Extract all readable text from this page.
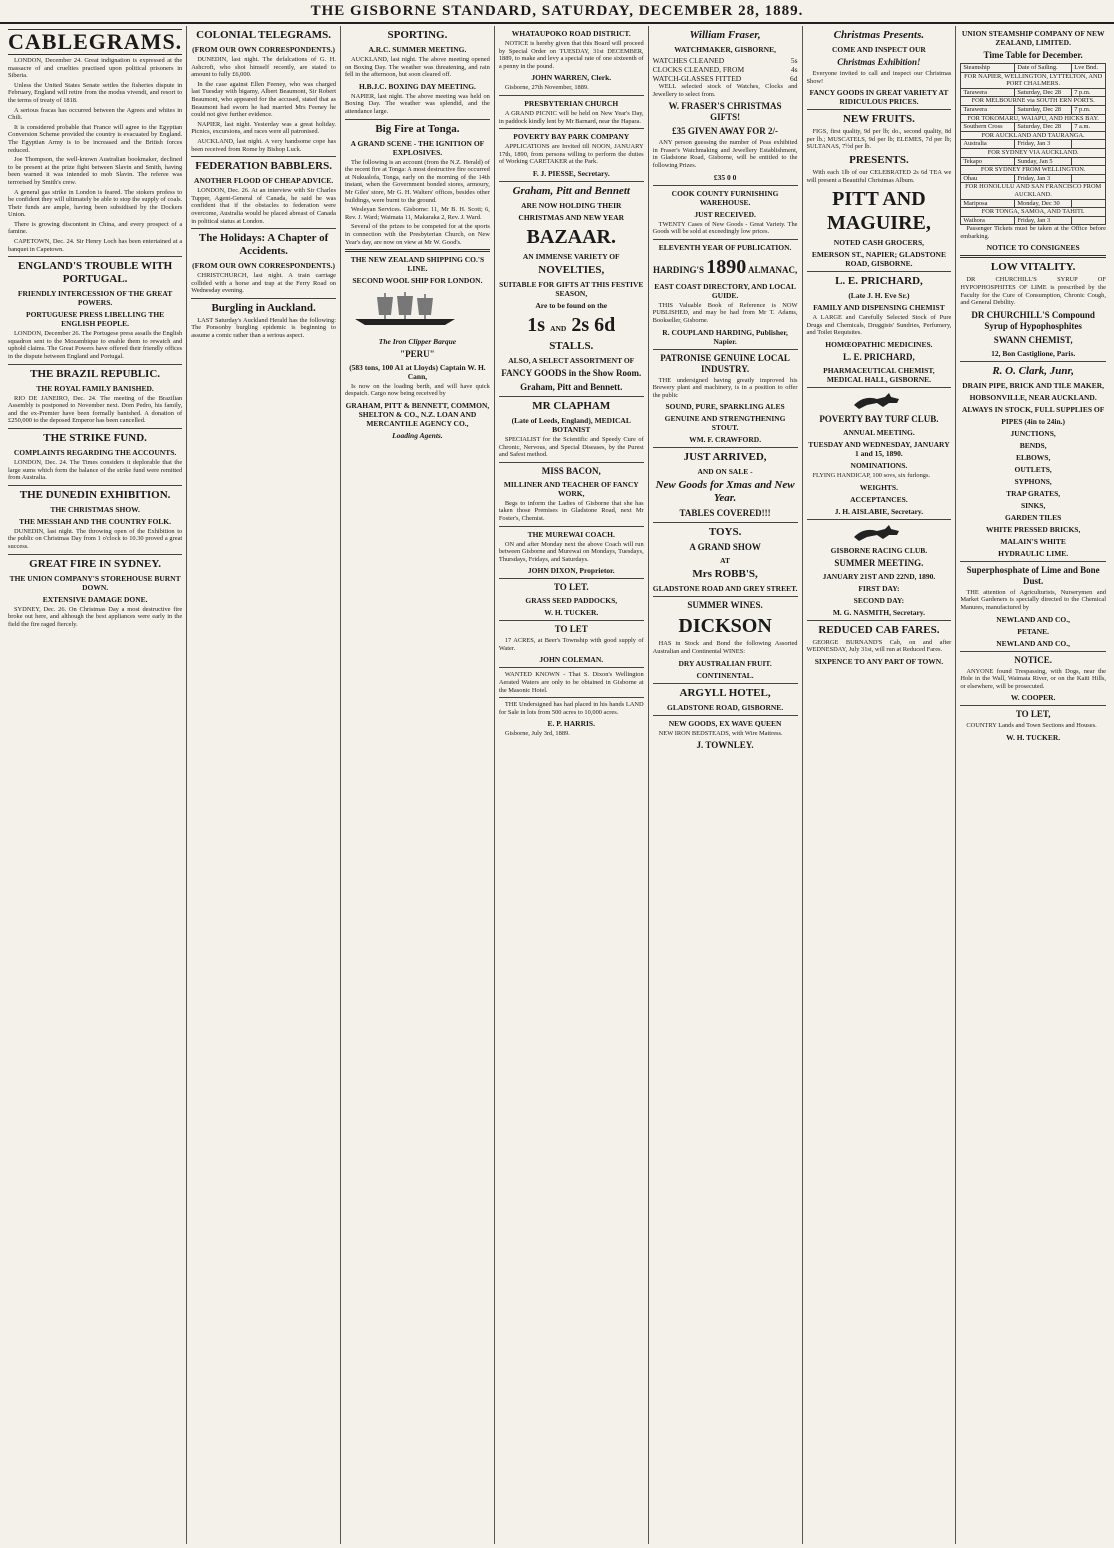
THE GISBORNE STANDARD, SATURDAY, DECEMBER 28, 1889.
CABLEGRAMS.

LONDON, December 24. Great indignation is expressed at the massacre of and cruelties practised upon political prisoners in Siberia.

Unless the United States Senate settles the fisheries dispute in February, England will retire from the modus vivendi, and resort to the terms of treaty of 1818.

A serious fracas has occurred between the Agrees and whites in Chili.

It is considered probable that France will agree to the Egyptian Conversion Scheme provided the country is evacuated by England. The Egyptian Army is to be increased and the British forces reduced.

Joe Thompson, the well-known Australian bookmaker, declined to be present at the prize fight between Slavin and Smith, having been warned it was intended to mob Slavin. The referee was terrorised by Smith's crew.

A general gas strike in London is feared. The stokers profess to be confident they will ultimately be able to stop the supply of coals. Their funds are ample, having been subsidised by the Dockers Union.

There is growing discontent in China, and every prospect of a famine.

CAPETOWN, Dec. 24. Sir Henry Loch has been entertained at a banquet in Capetown.

ENGLAND'S TROUBLE WITH PORTUGAL.
FRIENDLY INTERCESSION OF THE GREAT POWERS.
PORTUGUESE PRESS LIBELLING THE ENGLISH PEOPLE.

LONDON, December 26. The Portugese press assails the English squadron sent to the Mozambique to enable them to rewatch and uphold claims. The Great Powers have offered their friendly offices in the dispute between England and Portugal.

THE BRAZIL REPUBLIC.
THE ROYAL FAMILY BANISHED.

RIO DE JANEIRO, Dec. 24. The meeting of the Brazilian Assembly is postponed to November next. Dom Pedro, his family, and the ex-Premier have been formally banished. A donation of £250,000 to the deposed Emperor has been cancelled.

THE STRIKE FUND.
COMPLAINTS REGARDING THE ACCOUNTS.

LONDON, Dec. 24. The Times considers it deplorable that the large sums which form the balance of the strike fund were remitted from Australia.

THE DUNEDIN EXHIBITION.
THE CHRISTMAS SHOW.
THE MESSIAH AND THE COUNTRY FOLK.

DUNEDIN, last night. The throwing open of the Exhibition to the public on Christmas Day from 1 o'clock to 10.30 proved a great success.

GREAT FIRE IN SYDNEY.
THE UNION COMPANY'S STOREHOUSE BURNT DOWN.
EXTENSIVE DAMAGE DONE.

SYDNEY, Dec. 26. On Christmas Day a most destructive fire broke out here, and although the best appliances were early in the field the fire raged fiercely.

COLONIAL TELEGRAMS.
(FROM OUR OWN CORRESPONDENTS.)

DUNEDIN, last night. The defalcations of G. H. Ashcroft, who shot himself recently, are stated to amount to fully £6,000.

In the case against Ellen Feeney, who was charged last Tuesday with bigamy, Albert Beaumont, Sir Robert Beaumont, who appeared for the accused, stated that as Beaumont had sworn he had married Mrs Feeney he could not give further evidence.

NAPIER, last night. Yesterday was a great holiday. Picnics, excursions, and races were all patronised.

AUCKLAND, last night. A very handsome cope has been received from Rome by Bishop Luck.

FEDERATION BABBLERS.
ANOTHER FLOOD OF CHEAP ADVICE.

LONDON, Dec. 26. At an interview with Sir Charles Tupper, Agent-General of Canada, he said he was confident that if the obstacles to federation were overcome, Australia would be placed abreast of Canada in political status at London.

The Holidays: A Chapter of Accidents.
(FROM OUR OWN CORRESPONDENTS.)

CHRISTCHURCH, last night. A train carriage collided with a horse and trap at the Ferry Road on Wednesday evening.

Burgling in Auckland.

LAST Saturday's Auckland Herald has the following: The Ponsonby burgling epidemic is beginning to assume a comic rather than a serious aspect.

SPORTING.
A.R.C. SUMMER MEETING.

AUCKLAND, last night. The above meeting opened on Boxing Day. The weather was threatening, and rain fell in the afternoon, but soon cleared off.

H.B.J.C. BOXING DAY MEETING.

NAPIER, last night. The above meeting was held on Boxing Day. The weather was splendid, and the attendance large.

Big Fire at Tonga.
A GRAND SCENE - THE IGNITION OF EXPLOSIVES.

The following is an account (from the N.Z. Herald) of the recent fire at Tonga: A most destructive fire occurred at Nukualofa, Tonga, early on the morning of the 14th instant, when the Government bonded stores, armoury, Mr Giles' store, Mr G. H. Walters' offices, besides other buildings, were burnt to the ground.

Wesleyan Services. Gisborne: 11, Mr B. H. Scott; 6, Rev. J. Ward; Waimata 11, Makaraka 2, Rev. J. Ward.

Several of the prizes to be competed for at the sports in connection with the Presbyterian Church, on New Year's day, are now on view at Mr W. Good's.

THE NEW ZEALAND SHIPPING CO.'S LINE.
SECOND WOOL SHIP FOR LONDON.
The Iron Clipper Barque
"PERU"
(583 tons, 100 A1 at Lloyds) Captain W. H. Cann,

Is now on the loading berth, and will have quick despatch. Cargo now being received by

GRAHAM, PITT & BENNETT, COMMON, SHELTON & CO., N.Z. LOAN AND MERCANTILE AGENCY CO.,
Loading Agents.
WHATAUPOKO ROAD DISTRICT.

NOTICE is hereby given that this Board will proceed by Special Order on TUESDAY, 31st DECEMBER, 1889, to make and levy a special rate of one sixteenth of a penny in the pound.

JOHN WARREN, Clerk.

Gisborne, 27th November, 1889.

PRESBYTERIAN CHURCH

A GRAND PICNIC will be held on New Year's Day, in paddock kindly lent by Mr Barnard, near the Hapara.

POVERTY BAY PARK COMPANY

APPLICATIONS are Invited till NOON, JANUARY 17th, 1890, from persons willing to perform the duties of Working CARETAKER at the Park.

F. J. PIESSE, Secretary.
Graham, Pitt and Bennett
ARE NOW HOLDING THEIR
CHRISTMAS AND NEW YEAR
BAZAAR.
AN IMMENSE VARIETY OF
NOVELTIES,
SUITABLE FOR GIFTS AT THIS FESTIVE SEASON,
Are to be found on the
1s AND 2s 6d
STALLS.
ALSO, A SELECT ASSORTMENT OF
FANCY GOODS in the Show Room.
Graham, Pitt and Bennett.
MR CLAPHAM
(Late of Leeds, England), MEDICAL BOTANIST

SPECIALIST for the Scientific and Speedy Cure of Chronic, Nervous, and Special Diseases, by the Purest and Safest method.

MISS BACON,
MILLINER AND TEACHER OF FANCY WORK,

Begs to inform the Ladies of Gisborne that she has taken those Premises in Gladstone Road, next Mr Foster's, Chemist.

THE MUREWAI COACH.

ON and after Monday next the above Coach will run between Gisborne and Murewai on Mondays, Tuesdays, Thursdays, Fridays, and Saturdays.

JOHN DIXON, Proprietor.
TO LET.
GRASS SEED PADDOCKS,
W. H. TUCKER.
TO LET

17 ACRES, at Beer's Township with good supply of Water.

JOHN COLEMAN.

WANTED KNOWN - That S. Dixon's Wellington Aerated Waters are only to be obtained in Gisborne at the Masonic Hotel.

THE Undersigned has had placed in his hands LAND for Sale in lots from 500 acres to 10,000 acres.

E. P. HARRIS.

Gisborne, July 3rd, 1889.

William Fraser,
WATCHMAKER, GISBORNE,
WATCHES CLEANED	5s
CLOCKS CLEANED, FROM	4s
WATCH-GLASSES FITTED	6d

WELL selected stock of Watches, Clocks and Jewellery to select from.

W. FRASER'S CHRISTMAS GIFTS!
£35 GIVEN AWAY FOR 2/-

ANY person guessing the number of Peas exhibited in Fraser's Watchmaking and Jewellery Establishment, in Gladstone Road, Gisborne, will be entitled to the following Prizes.

£35 0 0
COOK COUNTY FURNISHING WAREHOUSE.
JUST RECEIVED.

TWENTY Cases of New Goods - Great Variety. The Goods will be sold at exceedingly low prices.

ELEVENTH YEAR OF PUBLICATION.
HARDING'S 1890 ALMANAC,
EAST COAST DIRECTORY, AND LOCAL GUIDE.

THIS Valuable Book of Reference is NOW PUBLISHED, and may be had from Mr T. Adams, Bookseller, Gisborne.

R. COUPLAND HARDING, Publisher, Napier.
PATRONISE GENUINE LOCAL INDUSTRY.

THE undersigned having greatly improved his Brewery plant and machinery, is in a position to offer the public

SOUND, PURE, SPARKLING ALES
GENUINE AND STRENGTHENING STOUT.
WM. F. CRAWFORD.
JUST ARRIVED,
AND ON SALE -
New Goods for Xmas and New Year.
TABLES COVERED!!!
TOYS.
A GRAND SHOW
AT
Mrs ROBB'S,
GLADSTONE ROAD AND GREY STREET.
SUMMER WINES.
DICKSON

HAS in Stock and Bond the following Assorted Australian and Continental WINES:

DRY AUSTRALIAN FRUIT.
CONTINENTAL.
ARGYLL HOTEL,
GLADSTONE ROAD, GISBORNE.
NEW GOODS, EX WAVE QUEEN

NEW IRON BEDSTEADS, with Wire Mattress.

J. TOWNLEY.
Christmas Presents.
COME AND INSPECT OUR
Christmas Exhibition!

Everyone invited to call and inspect our Christmas Show!

FANCY GOODS IN GREAT VARIETY AT RIDICULOUS PRICES.
NEW FRUITS.

FIGS, first quality, 9d per lb; do., second quality, 8d per lb.; MUSCATELS, 9d per lb; ELEMES, 7d per lb; SULTANAS, 7½d per lb.

PRESENTS.

With each 1lb of our CELEBRATED 2s 6d TEA we will present a Beautiful Christmas Album.

PITT AND MAGUIRE,
NOTED CASH GROCERS,
EMERSON ST., NAPIER; GLADSTONE ROAD, GISBORNE.
L. E. PRICHARD,
(Late J. H. Eve Sr.)
FAMILY AND DISPENSING CHEMIST

A LARGE and Carefully Selected Stock of Pure Drugs and Chemicals, Druggists' Sundries, Perfumery, and Toilet Requisites.

HOMŒOPATHIC MEDICINES.
L. E. PRICHARD,
PHARMACEUTICAL CHEMIST, MEDICAL HALL, GISBORNE.
POVERTY BAY TURF CLUB.
ANNUAL MEETING.
TUESDAY AND WEDNESDAY, JANUARY 1 and 15, 1890.
NOMINATIONS.

FLYING HANDICAP, 100 sovs, six furlongs.

WEIGHTS.
ACCEPTANCES.
J. H. AISLABIE, Secretary.
GISBORNE RACING CLUB.
SUMMER MEETING.
JANUARY 21ST AND 22ND, 1890.
FIRST DAY:
SECOND DAY:
M. G. NASMITH, Secretary.
REDUCED CAB FARES.

GEORGE BURNAND'S Cab, on and after WEDNESDAY, July 31st, will run at Reduced Fares.

SIXPENCE TO ANY PART OF TOWN.
UNION STEAMSHIP COMPANY OF NEW ZEALAND, LIMITED.
Time Table for December.
Steamship	Date of Sailing.	Lve Bnd.
FOR NAPIER, WELLINGTON, LYTTELTON, AND PORT CHALMERS.		
Tarawera	Saturday, Dec 28	7 p.m.
FOR MELBOURNE via SOUTH ERN PORTS.		
Tarawera	Saturday, Dec 28	7 p.m.
FOR TOKOMARU, WAIAPU, AND HICKS BAY.		
Southern Cross	Saturday, Dec 28	7 a.m.
FOR AUCKLAND AND TAURANGA.		
Australia	Friday, Jan 3	
FOR SYDNEY VIA AUCKLAND.		
Tekapo	Sunday, Jan 5	
FOR SYDNEY FROM WELLINGTON.		
Ohau	Friday, Jan 3	
FOR HONOLULU AND SAN FRANCISCO FROM AUCKLAND.		
Mariposa	Monday, Dec 30	
FOR TONGA, SAMOA, AND TAHITI.		
Waihora	Friday, Jan 3	

Passenger Tickets must be taken at the Office before embarking.

NOTICE TO CONSIGNEES
LOW VITALITY.

DR CHURCHILL'S SYRUP OF HYPOPHOSPHITES OF LIME is prescribed by the Faculty for the Cure of Consumption, Chronic Cough, and General Debility.

DR CHURCHILL'S Compound Syrup of Hypophosphites
SWANN CHEMIST,
12, Bon Castiglione, Paris.
R. O. Clark, Junr,
DRAIN PIPE, BRICK AND TILE MAKER,
HOBSONVILLE, NEAR AUCKLAND.
ALWAYS IN STOCK, FULL SUPPLIES OF
PIPES (4in to 24in.)
JUNCTIONS,
BENDS,
ELBOWS,
OUTLETS,
SYPHONS,
TRAP GRATES,
SINKS,
GARDEN TILES
WHITE PRESSED BRICKS,
MALAIN'S WHITE
HYDRAULIC LIME.
Superphosphate of Lime and Bone Dust.

THE attention of Agriculturists, Nurserymen and Market Gardeners is specially directed to the Chemical Manures, manufactured by

NEWLAND AND CO.,
PETANE.
NEWLAND AND CO.,
NOTICE.

ANYONE found Trespassing, with Dogs, near the Hole in the Wall, Waimata River, or on the Kaiti Hills, or elsewhere, will be prosecuted.

W. COOPER.
TO LET,

COUNTRY Lands and Town Sections and Houses.

W. H. TUCKER.
